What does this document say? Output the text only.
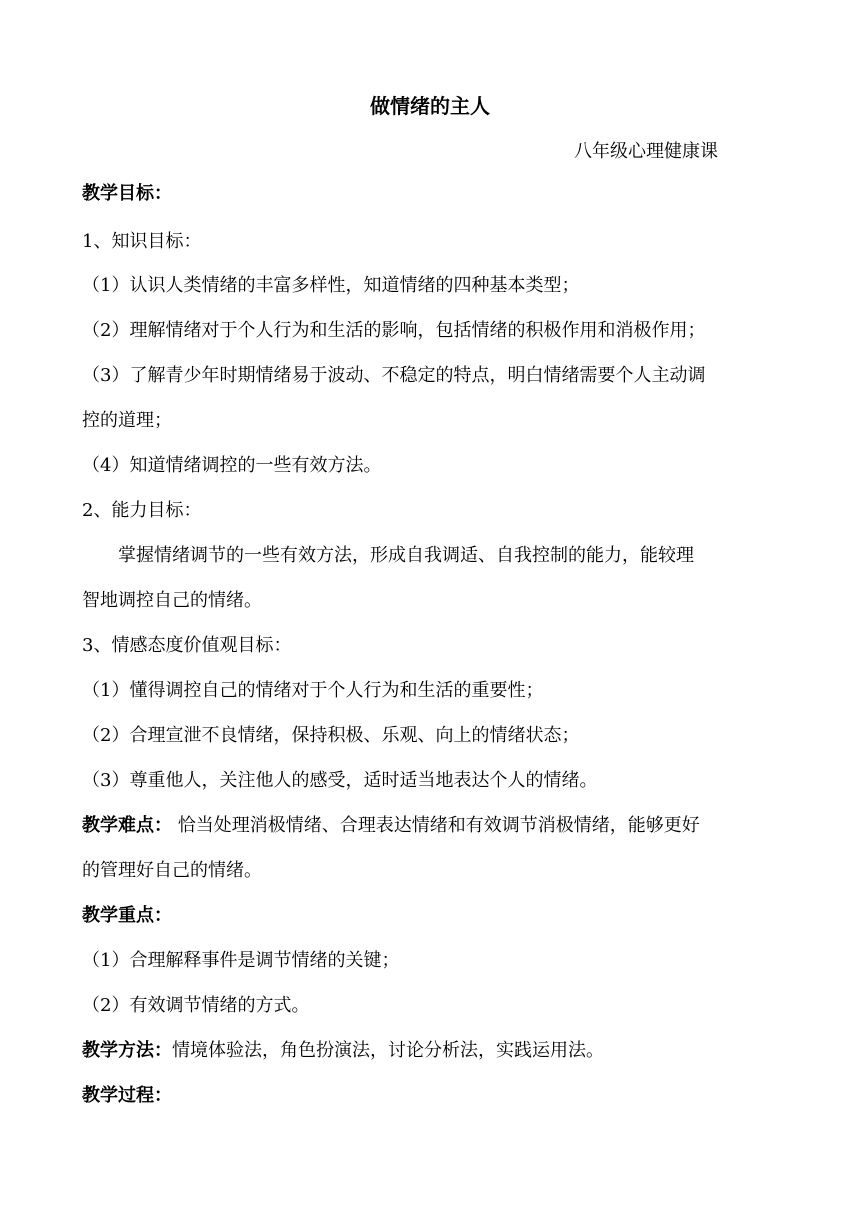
做情绪的主人
八年级心理健康课
教学目标：
1、知识目标：
（1）认识人类情绪的丰富多样性，知道情绪的四种基本类型；
（2）理解情绪对于个人行为和生活的影响，包括情绪的积极作用和消极作用；
（3）了解青少年时期情绪易于波动、不稳定的特点，明白情绪需要个人主动调
控的道理；
（4）知道情绪调控的一些有效方法。
2、能力目标：
　　掌握情绪调节的一些有效方法，形成自我调适、自我控制的能力，能较理
智地调控自己的情绪。
3、情感态度价值观目标：
（1）懂得调控自己的情绪对于个人行为和生活的重要性；
（2）合理宣泄不良情绪，保持积极、乐观、向上的情绪状态；
（3）尊重他人，关注他人的感受，适时适当地表达个人的情绪。
教学难点： 恰当处理消极情绪、合理表达情绪和有效调节消极情绪，能够更好
的管理好自己的情绪。
教学重点：
（1）合理解释事件是调节情绪的关键；
（2）有效调节情绪的方式。
教学方法：情境体验法，角色扮演法，讨论分析法，实践运用法。
教学过程：
